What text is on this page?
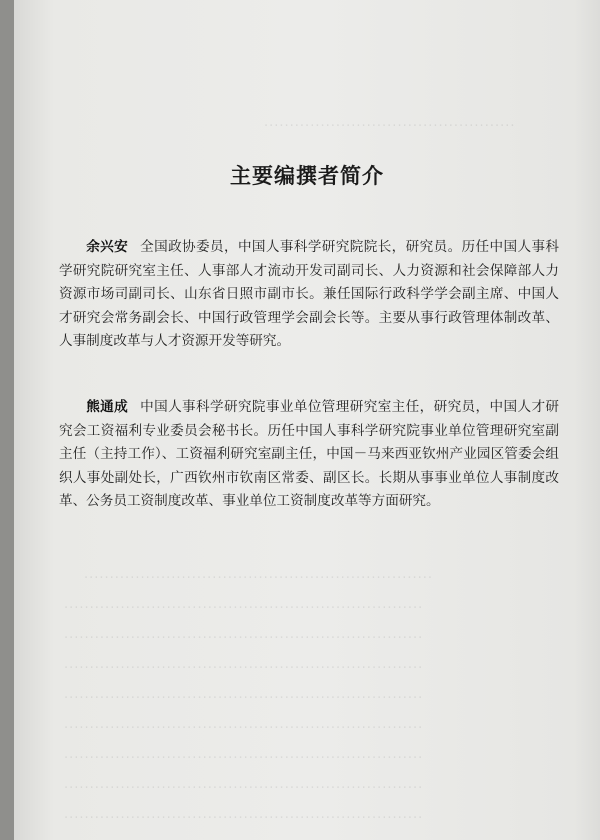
.................................................
....................................................................
......................................................................
......................................................................
......................................................................
......................................................................
......................................................................
......................................................................
......................................................................
......................................................................
主要编撰者简介

余兴安 全国政协委员，中国人事科学研究院院长，研究员。历任中国人事科学研究院研究室主任、人事部人才流动开发司副司长、人力资源和社会保障部人力资源市场司副司长、山东省日照市副市长。兼任国际行政科学学会副主席、中国人才研究会常务副会长、中国行政管理学会副会长等。主要从事行政管理体制改革、人事制度改革与人才资源开发等研究。

熊通成 中国人事科学研究院事业单位管理研究室主任，研究员，中国人才研究会工资福利专业委员会秘书长。历任中国人事科学研究院事业单位管理研究室副主任（主持工作）、工资福利研究室副主任，中国－马来西亚钦州产业园区管委会组织人事处副处长，广西钦州市钦南区常委、副区长。长期从事事业单位人事制度改革、公务员工资制度改革、事业单位工资制度改革等方面研究。
